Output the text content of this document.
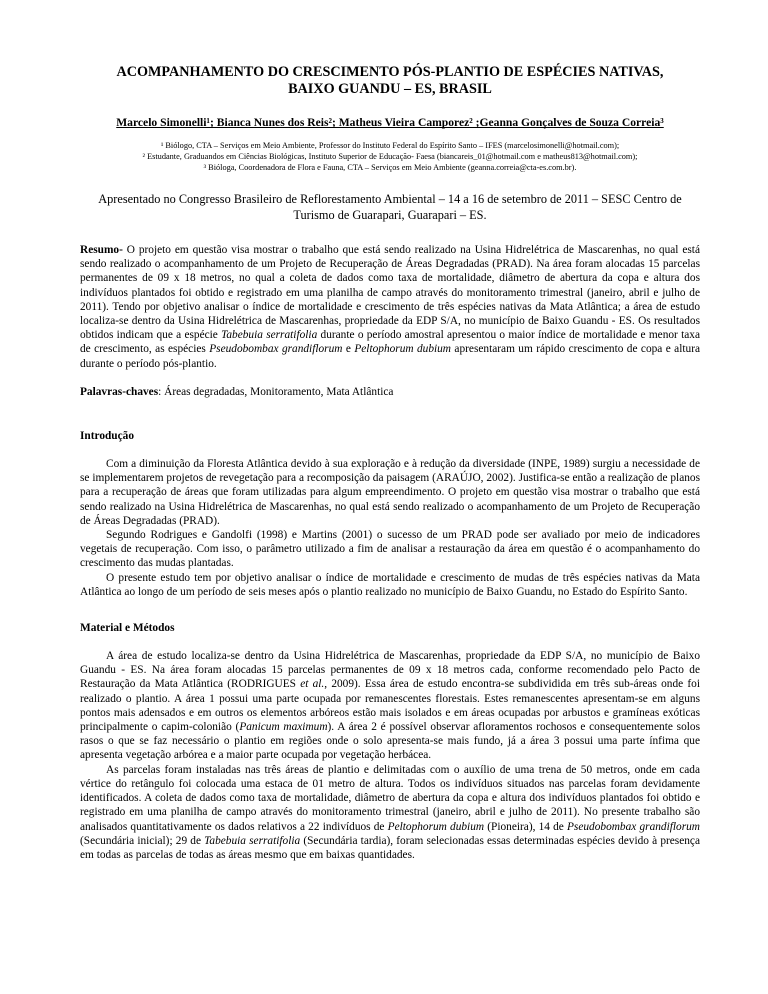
ACOMPANHAMENTO DO CRESCIMENTO PÓS-PLANTIO DE ESPÉCIES NATIVAS,
BAIXO GUANDU – ES, BRASIL
Marcelo Simonelli¹; Bianca Nunes dos Reis²; Matheus Vieira Camporez² ;Geanna Gonçalves de Souza Correia³

¹ Biólogo, CTA – Serviços em Meio Ambiente, Professor do Instituto Federal do Espírito Santo – IFES (marcelosimonelli@hotmail.com);

² Estudante, Graduandos em Ciências Biológicas, Instituto Superior de Educação- Faesa (biancareis_01@hotmail.com e matheus813@hotmail.com);

³ Bióloga, Coordenadora de Flora e Fauna, CTA – Serviços em Meio Ambiente (geanna.correia@cta-es.com.br).

Apresentado no Congresso Brasileiro de Reflorestamento Ambiental – 14 a 16 de setembro de 2011 – SESC Centro de Turismo de Guarapari, Guarapari – ES.

Resumo- O projeto em questão visa mostrar o trabalho que está sendo realizado na Usina Hidrelétrica de Mascarenhas, no qual está sendo realizado o acompanhamento de um Projeto de Recuperação de Áreas Degradadas (PRAD). Na área foram alocadas 15 parcelas permanentes de 09 x 18 metros, no qual a coleta de dados como taxa de mortalidade, diâmetro de abertura da copa e altura dos indivíduos plantados foi obtido e registrado em uma planilha de campo através do monitoramento trimestral (janeiro, abril e julho de 2011). Tendo por objetivo analisar o índice de mortalidade e crescimento de três espécies nativas da Mata Atlântica; a área de estudo localiza-se dentro da Usina Hidrelétrica de Mascarenhas, propriedade da EDP S/A, no município de Baixo Guandu - ES. Os resultados obtidos indicam que a espécie Tabebuia serratifolia durante o período amostral apresentou o maior índice de mortalidade e menor taxa de crescimento, as espécies Pseudobombax grandiflorum e Peltophorum dubium apresentaram um rápido crescimento de copa e altura durante o período pós-plantio.

Palavras-chaves: Áreas degradadas, Monitoramento, Mata Atlântica

Introdução

Com a diminuição da Floresta Atlântica devido à sua exploração e à redução da diversidade (INPE, 1989) surgiu a necessidade de se implementarem projetos de revegetação para a recomposição da paisagem (ARAÚJO, 2002). Justifica-se então a realização de planos para a recuperação de áreas que foram utilizadas para algum empreendimento. O projeto em questão visa mostrar o trabalho que está sendo realizado na Usina Hidrelétrica de Mascarenhas, no qual está sendo realizado o acompanhamento de um Projeto de Recuperação de Áreas Degradadas (PRAD).

Segundo Rodrigues e Gandolfi (1998) e Martins (2001) o sucesso de um PRAD pode ser avaliado por meio de indicadores vegetais de recuperação. Com isso, o parâmetro utilizado a fim de analisar a restauração da área em questão é o acompanhamento do crescimento das mudas plantadas.

O presente estudo tem por objetivo analisar o índice de mortalidade e crescimento de mudas de três espécies nativas da Mata Atlântica ao longo de um período de seis meses após o plantio realizado no município de Baixo Guandu, no Estado do Espírito Santo.

Material e Métodos

A área de estudo localiza-se dentro da Usina Hidrelétrica de Mascarenhas, propriedade da EDP S/A, no município de Baixo Guandu - ES. Na área foram alocadas 15 parcelas permanentes de 09 x 18 metros cada, conforme recomendado pelo Pacto de Restauração da Mata Atlântica (RODRIGUES et al., 2009). Essa área de estudo encontra-se subdividida em três sub-áreas onde foi realizado o plantio. A área 1 possui uma parte ocupada por remanescentes florestais. Estes remanescentes apresentam-se em alguns pontos mais adensados e em outros os elementos arbóreos estão mais isolados e em áreas ocupadas por arbustos e gramíneas exóticas principalmente o capim-colonião (Panicum maximum). A área 2 é possível observar afloramentos rochosos e consequentemente solos rasos o que se faz necessário o plantio em regiões onde o solo apresenta-se mais fundo, já a área 3 possui uma parte ínfima que apresenta vegetação arbórea e a maior parte ocupada por vegetação herbácea.

As parcelas foram instaladas nas três áreas de plantio e delimitadas com o auxílio de uma trena de 50 metros, onde em cada vértice do retângulo foi colocada uma estaca de 01 metro de altura. Todos os indivíduos situados nas parcelas foram devidamente identificados. A coleta de dados como taxa de mortalidade, diâmetro de abertura da copa e altura dos indivíduos plantados foi obtido e registrado em uma planilha de campo através do monitoramento trimestral (janeiro, abril e julho de 2011). No presente trabalho são analisados quantitativamente os dados relativos a 22 indivíduos de Peltophorum dubium (Pioneira), 14 de Pseudobombax grandiflorum (Secundária inicial); 29 de Tabebuia serratifolia (Secundária tardia), foram selecionadas essas determinadas espécies devido à presença em todas as parcelas de todas as áreas mesmo que em baixas quantidades.
